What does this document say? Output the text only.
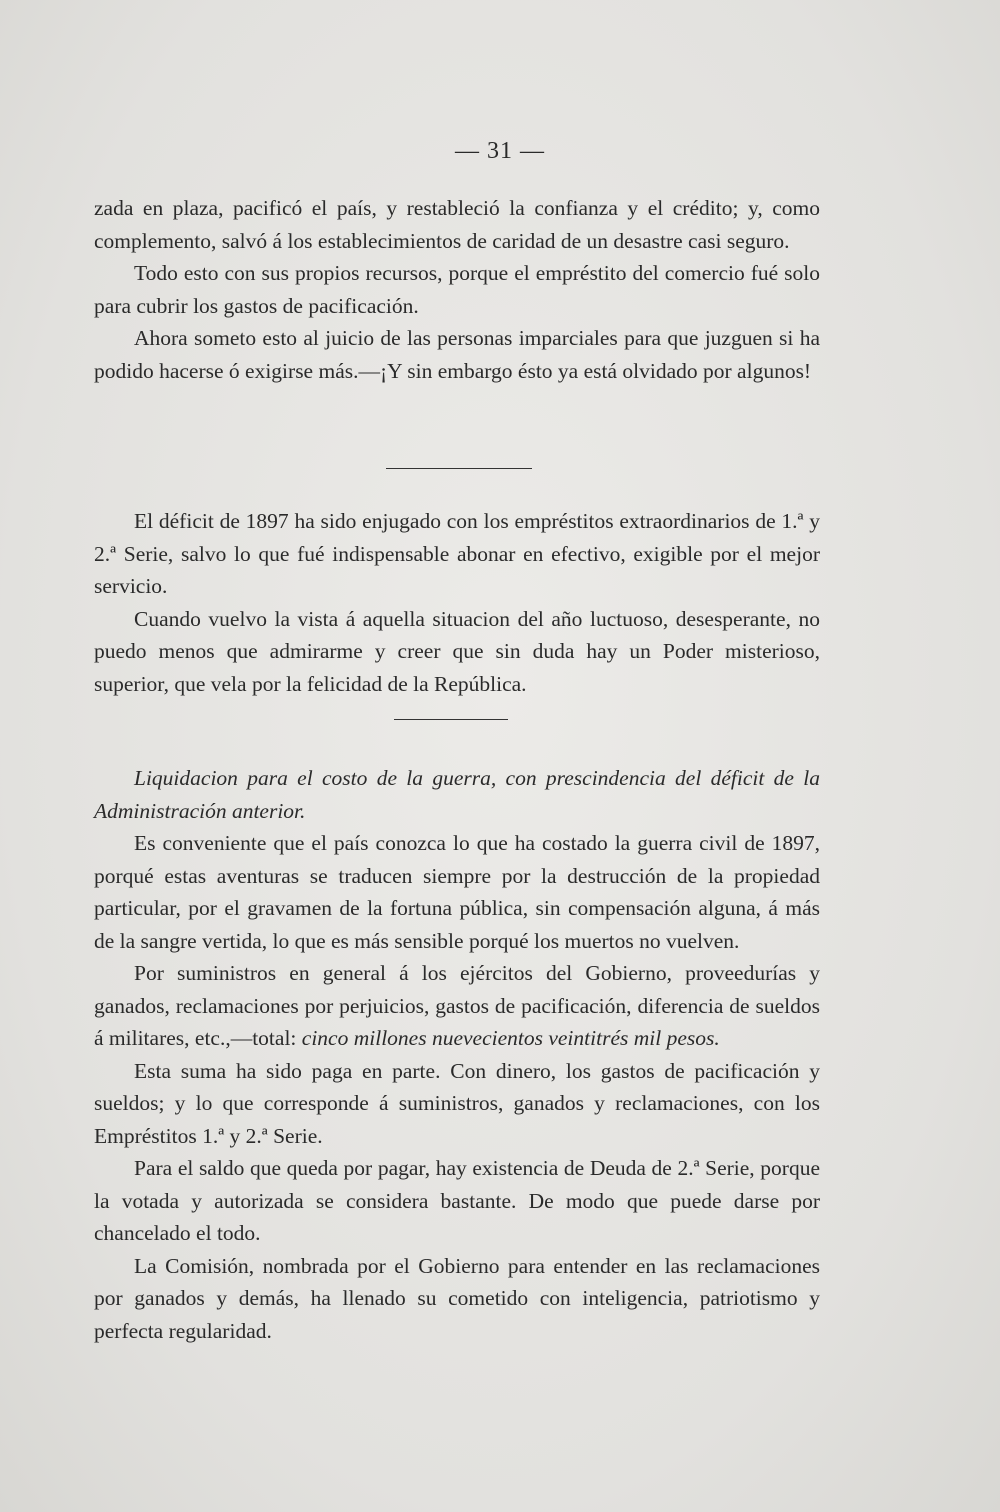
— 31 —

zada en plaza, pacificó el país, y restableció la confianza y el crédito; y, como complemento, salvó á los establecimientos de caridad de un desastre casi seguro.

Todo esto con sus propios recursos, porque el empréstito del comercio fué solo para cubrir los gastos de pacificación.

Ahora someto esto al juicio de las personas imparciales para que juzguen si ha podido hacerse ó exigirse más.—¡Y sin embargo ésto ya está olvidado por algunos!

El déficit de 1897 ha sido enjugado con los empréstitos extraordinarios de 1.ª y 2.ª Serie, salvo lo que fué indispensable abonar en efectivo, exigible por el mejor servicio.

Cuando vuelvo la vista á aquella situacion del año luctuoso, desesperante, no puedo menos que admirarme y creer que sin duda hay un Poder misterioso, superior, que vela por la felicidad de la República.

Liquidacion para el costo de la guerra, con prescindencia del déficit de la Administración anterior.

Es conveniente que el país conozca lo que ha costado la guerra civil de 1897, porqué estas aventuras se traducen siempre por la destrucción de la propiedad particular, por el gravamen de la fortuna pública, sin compensación alguna, á más de la sangre vertida, lo que es más sensible porqué los muertos no vuelven.

Por suministros en general á los ejércitos del Gobierno, proveedurías y ganados, reclamaciones por perjuicios, gastos de pacificación, diferencia de sueldos á militares, etc.,—total: cinco millones nuevecientos veintitrés mil pesos.

Esta suma ha sido paga en parte. Con dinero, los gastos de pacificación y sueldos; y lo que corresponde á suministros, ganados y reclamaciones, con los Empréstitos 1.ª y 2.ª Serie.

Para el saldo que queda por pagar, hay existencia de Deuda de 2.ª Serie, porque la votada y autorizada se considera bastante. De modo que puede darse por chancelado el todo.

La Comisión, nombrada por el Gobierno para entender en las reclamaciones por ganados y demás, ha llenado su cometido con inteligencia, patriotismo y perfecta regularidad.
